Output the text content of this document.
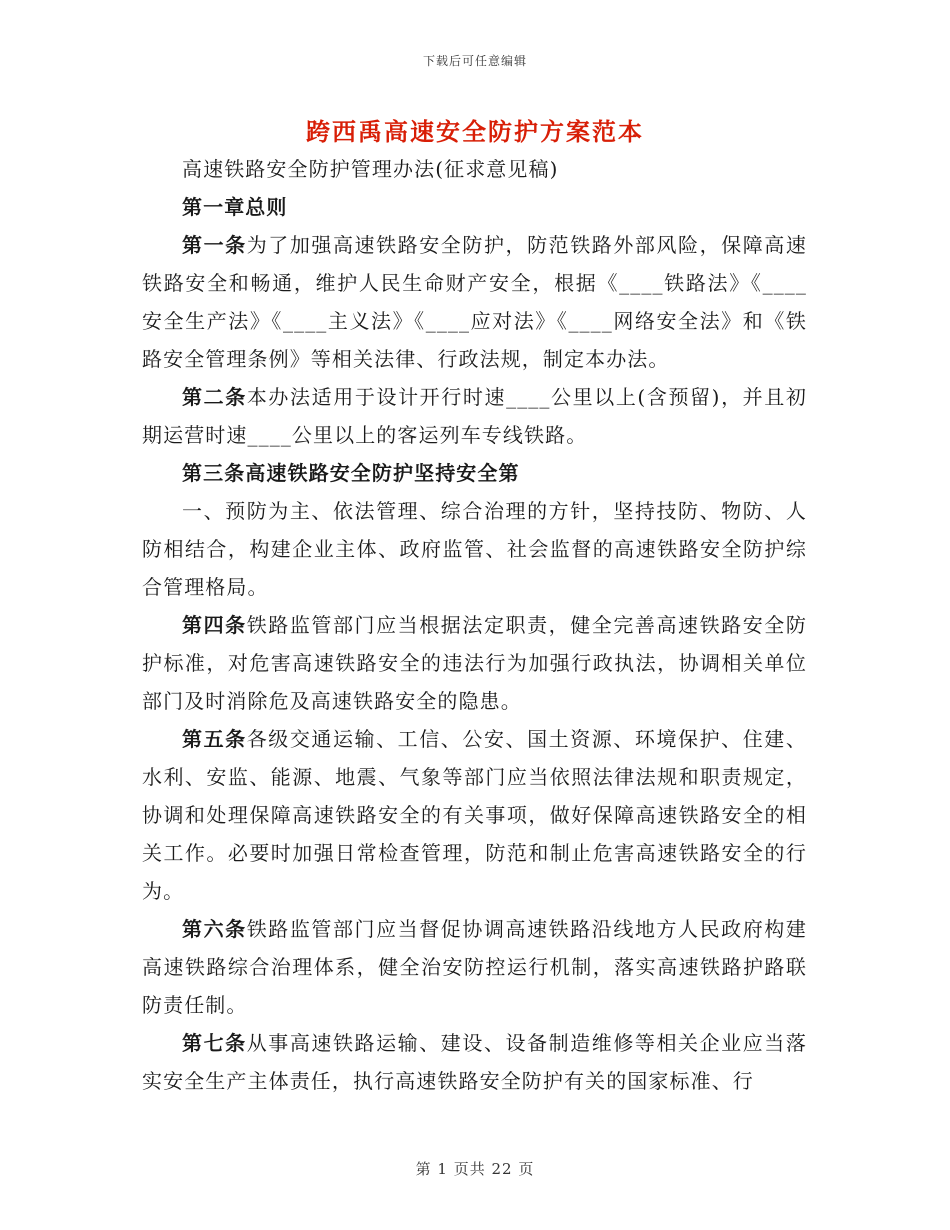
下载后可任意编辑
跨西禹高速安全防护方案范本

高速铁路安全防护管理办法(征求意见稿)

第一章总则

第一条为了加强高速铁路安全防护，防范铁路外部风险，保障高速铁路安全和畅通，维护人民生命财产安全，根据《____铁路法》《____安全生产法》《____主义法》《____应对法》《____网络安全法》和《铁路安全管理条例》等相关法律、行政法规，制定本办法。

第二条本办法适用于设计开行时速____公里以上(含预留)，并且初期运营时速____公里以上的客运列车专线铁路。

第三条高速铁路安全防护坚持安全第

一、预防为主、依法管理、综合治理的方针，坚持技防、物防、人防相结合，构建企业主体、政府监管、社会监督的高速铁路安全防护综合管理格局。

第四条铁路监管部门应当根据法定职责，健全完善高速铁路安全防护标准，对危害高速铁路安全的违法行为加强行政执法，协调相关单位部门及时消除危及高速铁路安全的隐患。

第五条各级交通运输、工信、公安、国土资源、环境保护、住建、水利、安监、能源、地震、气象等部门应当依照法律法规和职责规定，协调和处理保障高速铁路安全的有关事项，做好保障高速铁路安全的相关工作。必要时加强日常检查管理，防范和制止危害高速铁路安全的行为。

第六条铁路监管部门应当督促协调高速铁路沿线地方人民政府构建高速铁路综合治理体系，健全治安防控运行机制，落实高速铁路护路联防责任制。

第七条从事高速铁路运输、建设、设备制造维修等相关企业应当落实安全生产主体责任，执行高速铁路安全防护有关的国家标准、行

第 1 页共 22 页
